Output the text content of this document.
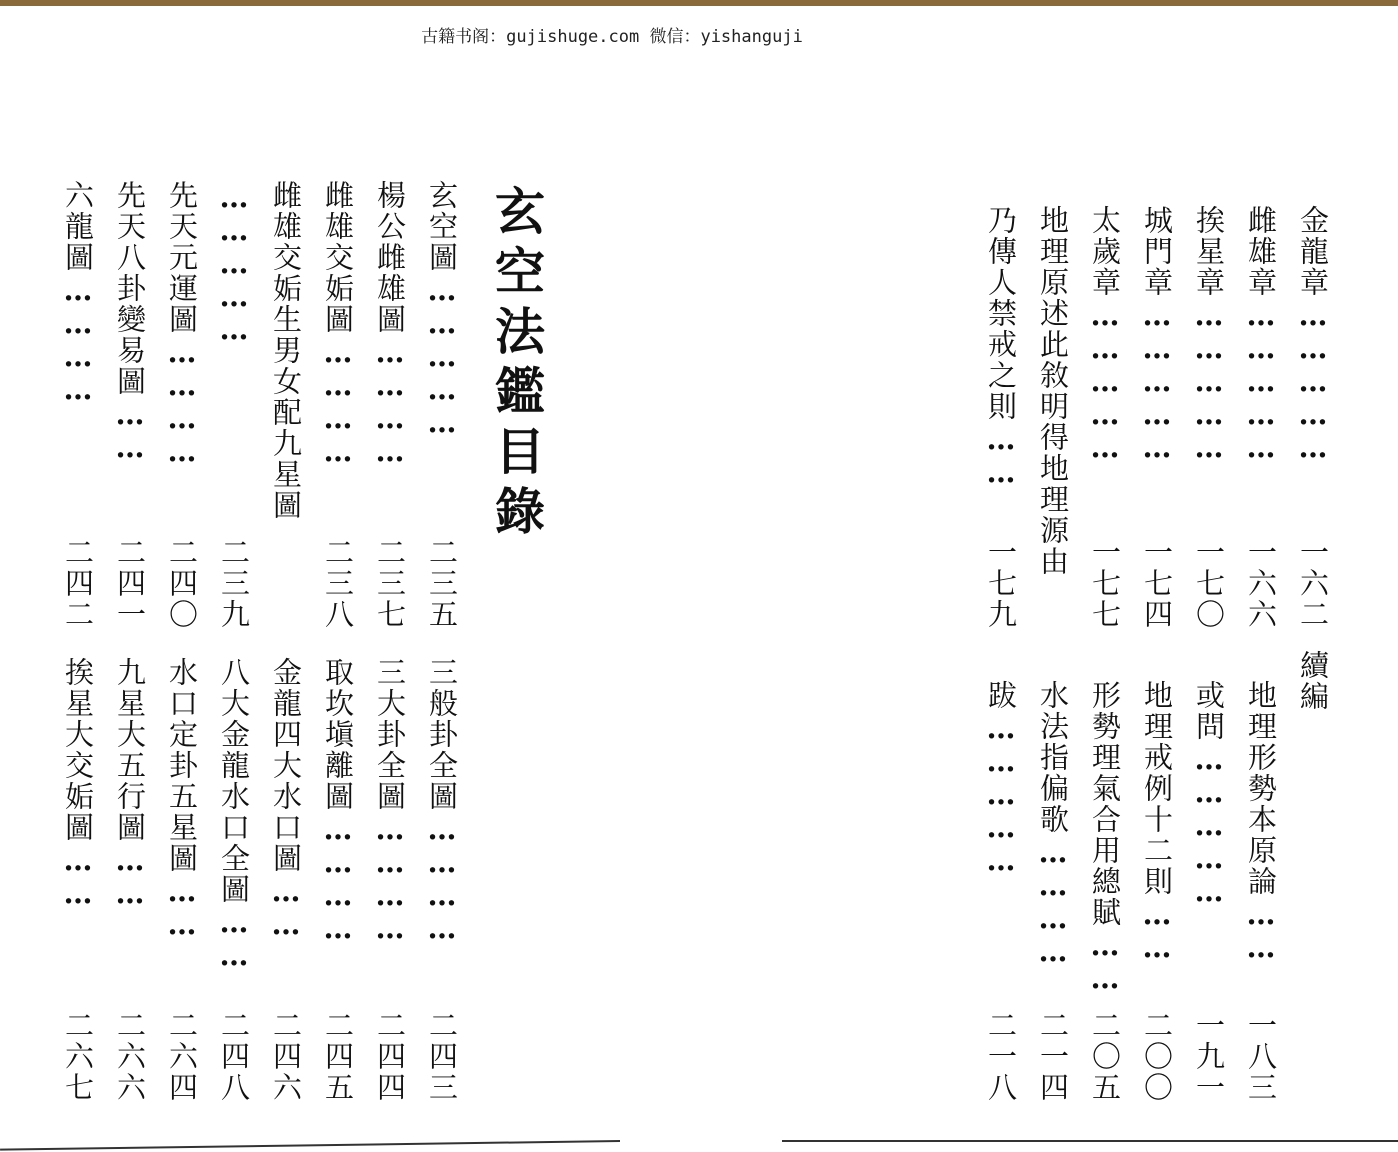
古籍书阁：gujishuge.com 微信：yishanguji
玄空法鑑目錄
玄空圖……………
二三五
楊公雌雄圖…………
二三七
雌雄交姤圖…………
二三八
雌雄交姤生男女配九星圖
……………
二三九
先天元運圖…………
二四〇
先天八卦變易圖……
二四一
六龍圖…………
二四二
三般卦全圖…………
二四三
三大卦全圖…………
二四四
取坎塡離圖…………
二四五
金龍四大水口圖……
二四六
八大金龍水口全圖……
二四八
水口定卦五星圖……
二六四
九星大五行圖……
二六六
挨星大交姤圖……
二六七
金龍章……………
一六二
雌雄章……………
一六六
挨星章……………
一七〇
城門章……………
一七四
太歲章……………
一七七
地理原述此敘明得地理源由
乃傳人禁戒之則……
一七九
續編
地理形勢本原論……
一八三
或問……………
一九一
地理戒例十二則……
二〇〇
形勢理氣合用總賦……
二〇五
水法指偏歌…………
二一四
跋……………
二一八
